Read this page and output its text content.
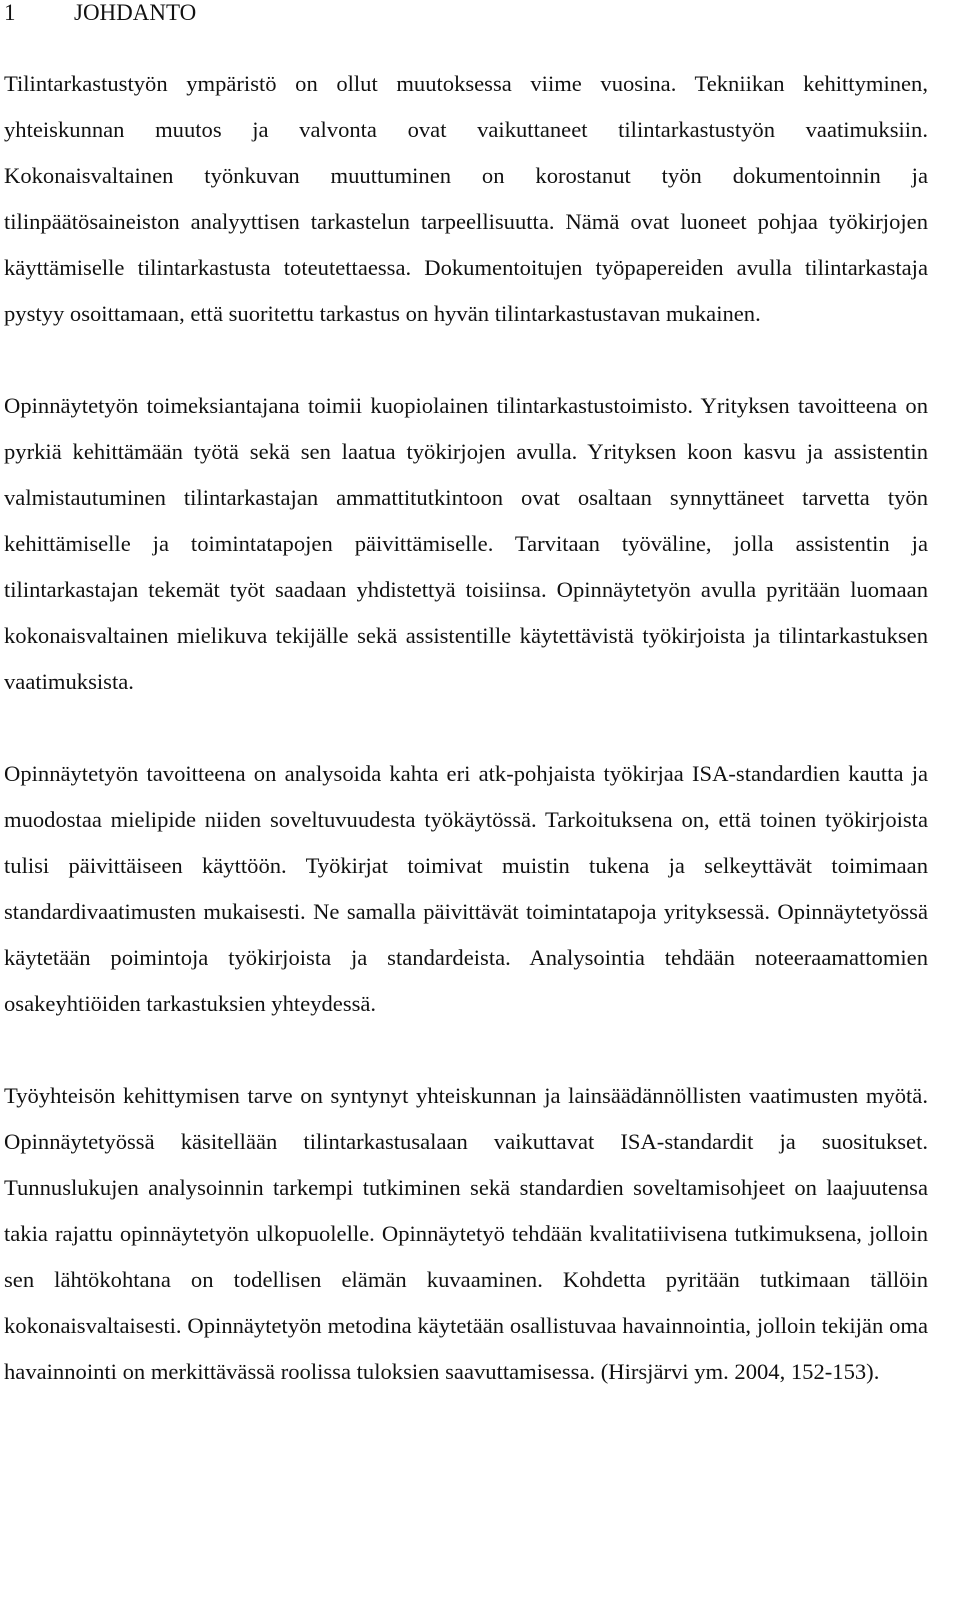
1	JOHDANTO

Tilintarkastustyön ympäristö on ollut muutoksessa viime vuosina. Tekniikan kehittyminen, yhteiskunnan muutos ja valvonta ovat vaikuttaneet tilintarkastustyön vaatimuksiin. Kokonaisvaltainen työnkuvan muuttuminen on korostanut työn dokumentoinnin ja tilinpäätösaineiston analyyttisen tarkastelun tarpeellisuutta. Nämä ovat luoneet pohjaa työkirjojen käyttämiselle tilintarkastusta toteutettaessa. Dokumentoitujen työpapereiden avulla tilintarkastaja pystyy osoittamaan, että suoritettu tarkastus on hyvän tilintarkastustavan mukainen.

Opinnäytetyön toimeksiantajana toimii kuopiolainen tilintarkastustoimisto. Yrityksen tavoitteena on pyrkiä kehittämään työtä sekä sen laatua työkirjojen avulla. Yrityksen koon kasvu ja assistentin valmistautuminen tilintarkastajan ammattitutkintoon ovat osaltaan synnyttäneet tarvetta työn kehittämiselle ja toimintatapojen päivittämiselle. Tarvitaan työväline, jolla assistentin ja tilintarkastajan tekemät työt saadaan yhdistettyä toisiinsa. Opinnäytetyön avulla pyritään luomaan kokonaisvaltainen mielikuva tekijälle sekä assistentille käytettävistä työkirjoista ja tilintarkastuksen vaatimuksista.

Opinnäytetyön tavoitteena on analysoida kahta eri atk-pohjaista työkirjaa ISA-standardien kautta ja muodostaa mielipide niiden soveltuvuudesta työkäytössä. Tarkoituksena on, että toinen työkirjoista tulisi päivittäiseen käyttöön. Työkirjat toimivat muistin tukena ja selkeyttävät toimimaan standardivaatimusten mukaisesti. Ne samalla päivittävät toimintatapoja yrityksessä. Opinnäytetyössä käytetään poimintoja työkirjoista ja standardeista. Analysointia tehdään noteeraamattomien osakeyhtiöiden tarkastuksien yhteydessä.

Työyhteisön kehittymisen tarve on syntynyt yhteiskunnan ja lainsäädännöllisten vaatimusten myötä. Opinnäytetyössä käsitellään tilintarkastusalaan vaikuttavat ISA-standardit ja suositukset. Tunnuslukujen analysoinnin tarkempi tutkiminen sekä standardien soveltamisohjeet on laajuutensa takia rajattu opinnäytetyön ulkopuolelle. Opinnäytetyö tehdään kvalitatiivisena tutkimuksena, jolloin sen lähtökohtana on todellisen elämän kuvaaminen. Kohdetta pyritään tutkimaan tällöin kokonaisvaltaisesti. Opinnäytetyön metodina käytetään osallistuvaa havainnointia, jolloin tekijän oma havainnointi on merkittävässä roolissa tuloksien saavuttamisessa. (Hirsjärvi ym. 2004, 152-153).
